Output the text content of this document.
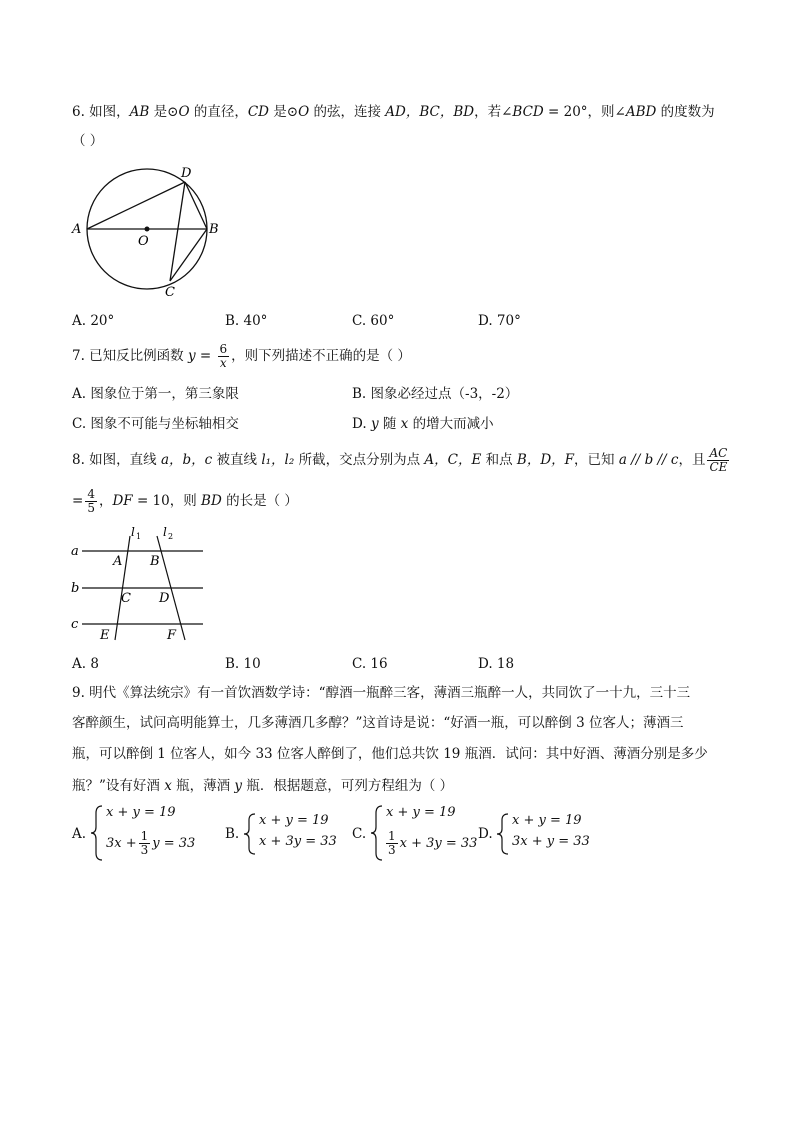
6. 如图，AB 是⊙O 的直径，CD 是⊙O 的弦，连接 AD，BC，BD，若∠BCD = 20°，则∠ABD 的度数为
（ ）
A	B
C
D
O
A. 20°	B. 40°	C. 60°	D. 70°
7. 已知反比例函数 $y = \frac{6}{x}$ ，则下列描述不正确的是（ ）
A. 图象位于第一，第三象限	B. 图象必经过点（-3，-2）
C. 图象不可能与坐标轴相交	D. y 随 x 的增大而减小
8. 如图，直线 a，b，c 被直线 l₁，l₂ 所截，交点分别为点 A，C，E 和点 B，D，F，已知 a // b // c，且 $\frac{AC}{CE}$
= $\frac{4}{5}$ ，DF = 10，则 BD 的长是（ ）
a
b
c
l 1 l 2
A B
C D
E	F
A. 8	B. 10	C. 16	D. 18
9. 明代《算法统宗》有一首饮酒数学诗：“醇酒一瓶醉三客，薄酒三瓶醉一人，共同饮了一十九，三十三
客醉颜生，试问高明能算士，几多薄酒几多醇？”这首诗是说：“好酒一瓶，可以醉倒 3 位客人；薄酒三
瓶，可以醉倒 1 位客人，如今 33 位客人醉倒了，他们总共饮 19 瓶酒．试问：其中好酒、薄酒分别是多少
瓶？”设有好酒 x 瓶，薄酒 y 瓶．根据题意，可列方程组为（ ）
A.
x + y = 19
$3x + \frac{1}{3}$ y = 33
B.
x + y = 19
x + 3y = 33 C.
x + y = 19
$\frac{1}{3}$ x + 3y = 33
D.
x + y = 19
3x + y = 33
